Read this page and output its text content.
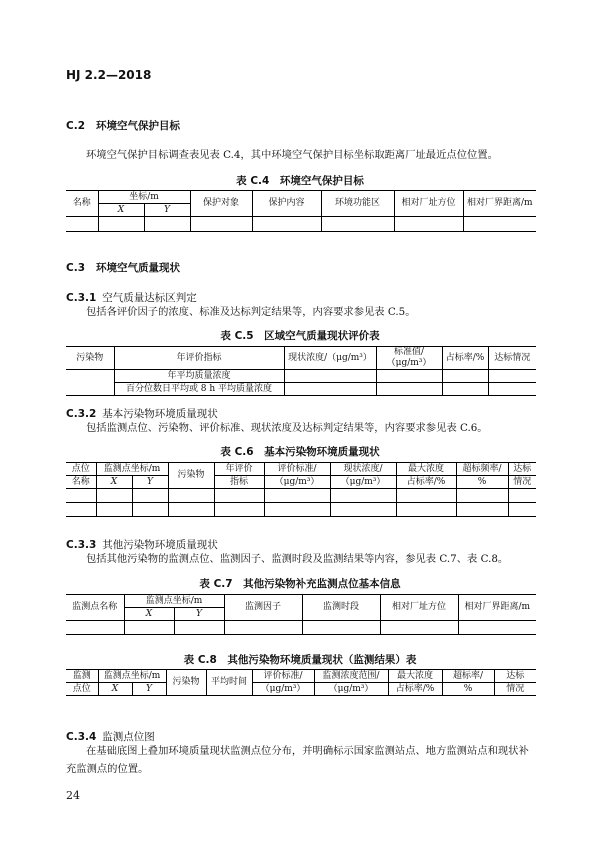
HJ 2.2—2018
C.2 环境空气保护目标
环境空气保护目标调查表见表 C.4，其中环境空气保护目标坐标取距离厂址最近点位位置。
表 C.4　环境空气保护目标
名称	坐标/m		保护对象	保护内容	环境功能区	相对厂址方位	相对厂界距离/m
	X	Y					

C.3 环境空气质量现状
C.3.1 空气质量达标区判定
包括各评价因子的浓度、标准及达标判定结果等，内容要求参见表 C.5。
表 C.5　区域空气质量现状评价表
污染物	年评价指标	现状浓度/（μg/m³）	标准值/（μg/m³）	占标率/%	达标情况
	年平均质量浓度				
	百分位数日平均或 8 h 平均质量浓度				
C.3.2 基本污染物环境质量现状
包括监测点位、污染物、评价标准、现状浓度及达标判定结果等，内容要求参见表 C.6。
表 C.6　基本污染物环境质量现状
点位	监测点坐标/m		污染物	年评价	评价标准/	现状浓度/	最大浓度	超标频率/	达标
名称	X	Y		指标	（μg/m³）	（μg/m³）	占标率/%	%	情况

C.3.3 其他污染物环境质量现状
包括其他污染物的监测点位、监测因子、监测时段及监测结果等内容，参见表 C.7、表 C.8。
表 C.7　其他污染物补充监测点位基本信息
监测点名称	监测点坐标/m		监测因子	监测时段	相对厂址方位	相对厂界距离/m
	X	Y				

表 C.8　其他污染物环境质量现状（监测结果）表
监测	监测点坐标/m		污染物	平均时间	评价标准/	监测浓度范围/	最大浓度	超标率/	达标
点位	X	Y			（μg/m³）	（μg/m³）	占标率/%	%	情况
C.3.4 监测点位图
在基础底图上叠加环境质量现状监测点位分布，并明确标示国家监测站点、地方监测站点和现状补
充监测点的位置。
24
